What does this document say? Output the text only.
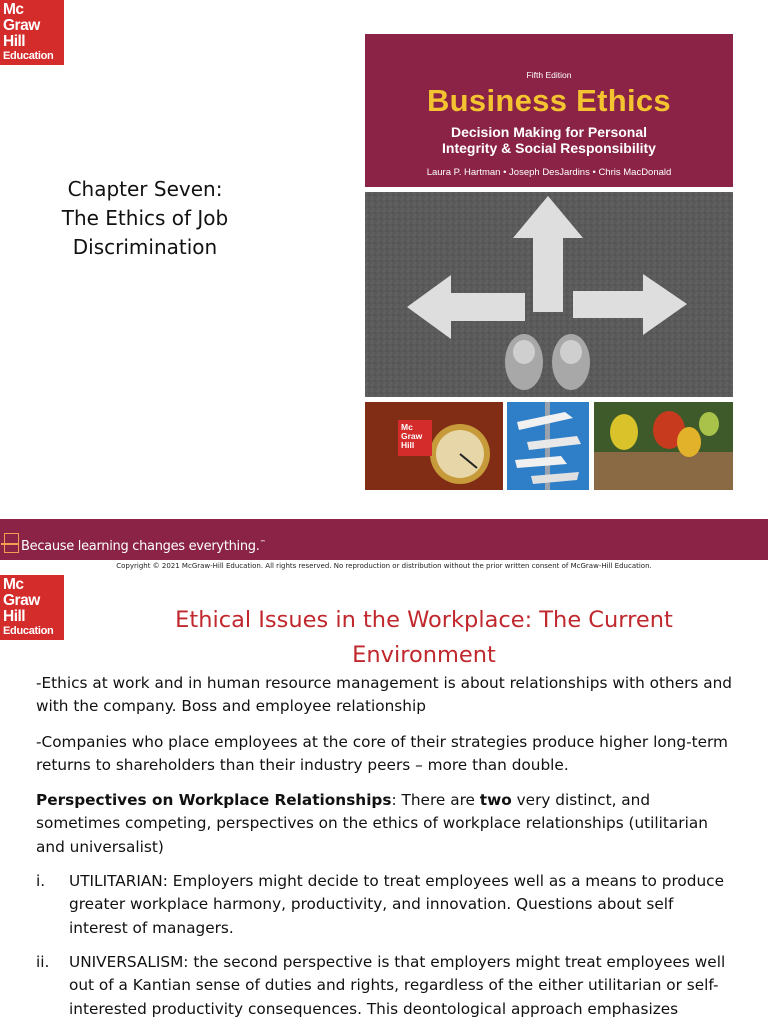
Mc
Graw
Hill
Education
Chapter Seven:
The Ethics of Job
Discrimination
Fifth Edition
Business Ethics
Decision Making for Personal
Integrity & Social Responsibility
Laura P. Hartman • Joseph DesJardins • Chris MacDonald
Mc
Graw
Hill
Because learning changes everything.™
Copyright © 2021 McGraw-Hill Education. All rights reserved. No reproduction or distribution without the prior written consent of McGraw-Hill Education.
Mc
Graw
Hill
Education	Ethical Issues in the Workplace: The Current
Environment
-Ethics at work and in human resource management is about relationships with others and with the company. Boss and employee relationship
-Companies who place employees at the core of their strategies produce higher long-term returns to shareholders than their industry peers – more than double.
Perspectives on Workplace Relationships: There are two very distinct, and sometimes competing, perspectives on the ethics of workplace relationships (utilitarian and universalist)
i.	UTILITARIAN: Employers might decide to treat employees well as a means to produce greater workplace harmony, productivity, and innovation. Questions about self interest of managers.
ii.	UNIVERSALISM: the second perspective is that employers might treat employees well out of a Kantian sense of duties and rights, regardless of the either utilitarian or self-interested productivity consequences. This deontological approach emphasizes
